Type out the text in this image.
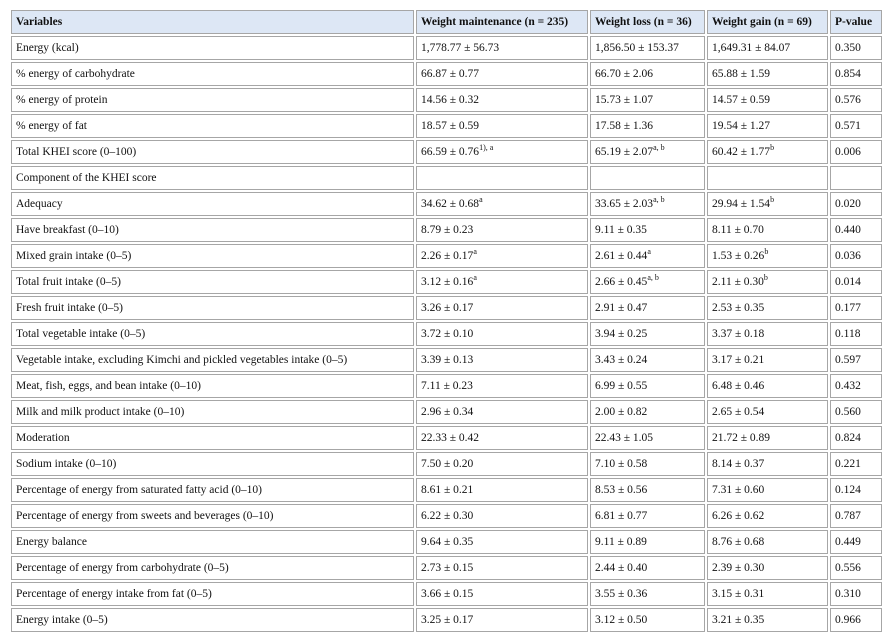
Variables	Weight maintenance (n = 235)	Weight loss (n = 36)	Weight gain (n = 69)	P-value
Energy (kcal)	1,778.77 ± 56.73	1,856.50 ± 153.37	1,649.31 ± 84.07	0.350
% energy of carbohydrate	66.87 ± 0.77	66.70 ± 2.06	65.88 ± 1.59	0.854
% energy of protein	14.56 ± 0.32	15.73 ± 1.07	14.57 ± 0.59	0.576
% energy of fat	18.57 ± 0.59	17.58 ± 1.36	19.54 ± 1.27	0.571
Total KHEI score (0–100)	$66.59 \pm 0.76^{1), a}$	$65.19 \pm 2.07^{a, b}$	60.42 ± 1.77$^b$	0.006
Component of the KHEI score				
Adequacy	34.62 ± 0.68$^a$	$33.65 \pm 2.03^{a, b}$	29.94 ± 1.54$^b$	0.020
Have breakfast (0–10)	8.79 ± 0.23	9.11 ± 0.35	8.11 ± 0.70	0.440
Mixed grain intake (0–5)	2.26 ± 0.17$^a$	2.61 ± 0.44$^a$	1.53 ± 0.26$^b$	0.036
Total fruit intake (0–5)	3.12 ± 0.16$^a$	$2.66 \pm 0.45^{a, b}$	2.11 ± 0.30$^b$	0.014
Fresh fruit intake (0–5)	3.26 ± 0.17	2.91 ± 0.47	2.53 ± 0.35	0.177
Total vegetable intake (0–5)	3.72 ± 0.10	3.94 ± 0.25	3.37 ± 0.18	0.118
Vegetable intake, excluding Kimchi and pickled vegetables intake (0–5)	3.39 ± 0.13	3.43 ± 0.24	3.17 ± 0.21	0.597
Meat, fish, eggs, and bean intake (0–10)	7.11 ± 0.23	6.99 ± 0.55	6.48 ± 0.46	0.432
Milk and milk product intake (0–10)	2.96 ± 0.34	2.00 ± 0.82	2.65 ± 0.54	0.560
Moderation	22.33 ± 0.42	22.43 ± 1.05	21.72 ± 0.89	0.824
Sodium intake (0–10)	7.50 ± 0.20	7.10 ± 0.58	8.14 ± 0.37	0.221
Percentage of energy from saturated fatty acid (0–10)	8.61 ± 0.21	8.53 ± 0.56	7.31 ± 0.60	0.124
Percentage of energy from sweets and beverages (0–10)	6.22 ± 0.30	6.81 ± 0.77	6.26 ± 0.62	0.787
Energy balance	9.64 ± 0.35	9.11 ± 0.89	8.76 ± 0.68	0.449
Percentage of energy from carbohydrate (0–5)	2.73 ± 0.15	2.44 ± 0.40	2.39 ± 0.30	0.556
Percentage of energy intake from fat (0–5)	3.66 ± 0.15	3.55 ± 0.36	3.15 ± 0.31	0.310
Energy intake (0–5)	3.25 ± 0.17	3.12 ± 0.50	3.21 ± 0.35	0.966
